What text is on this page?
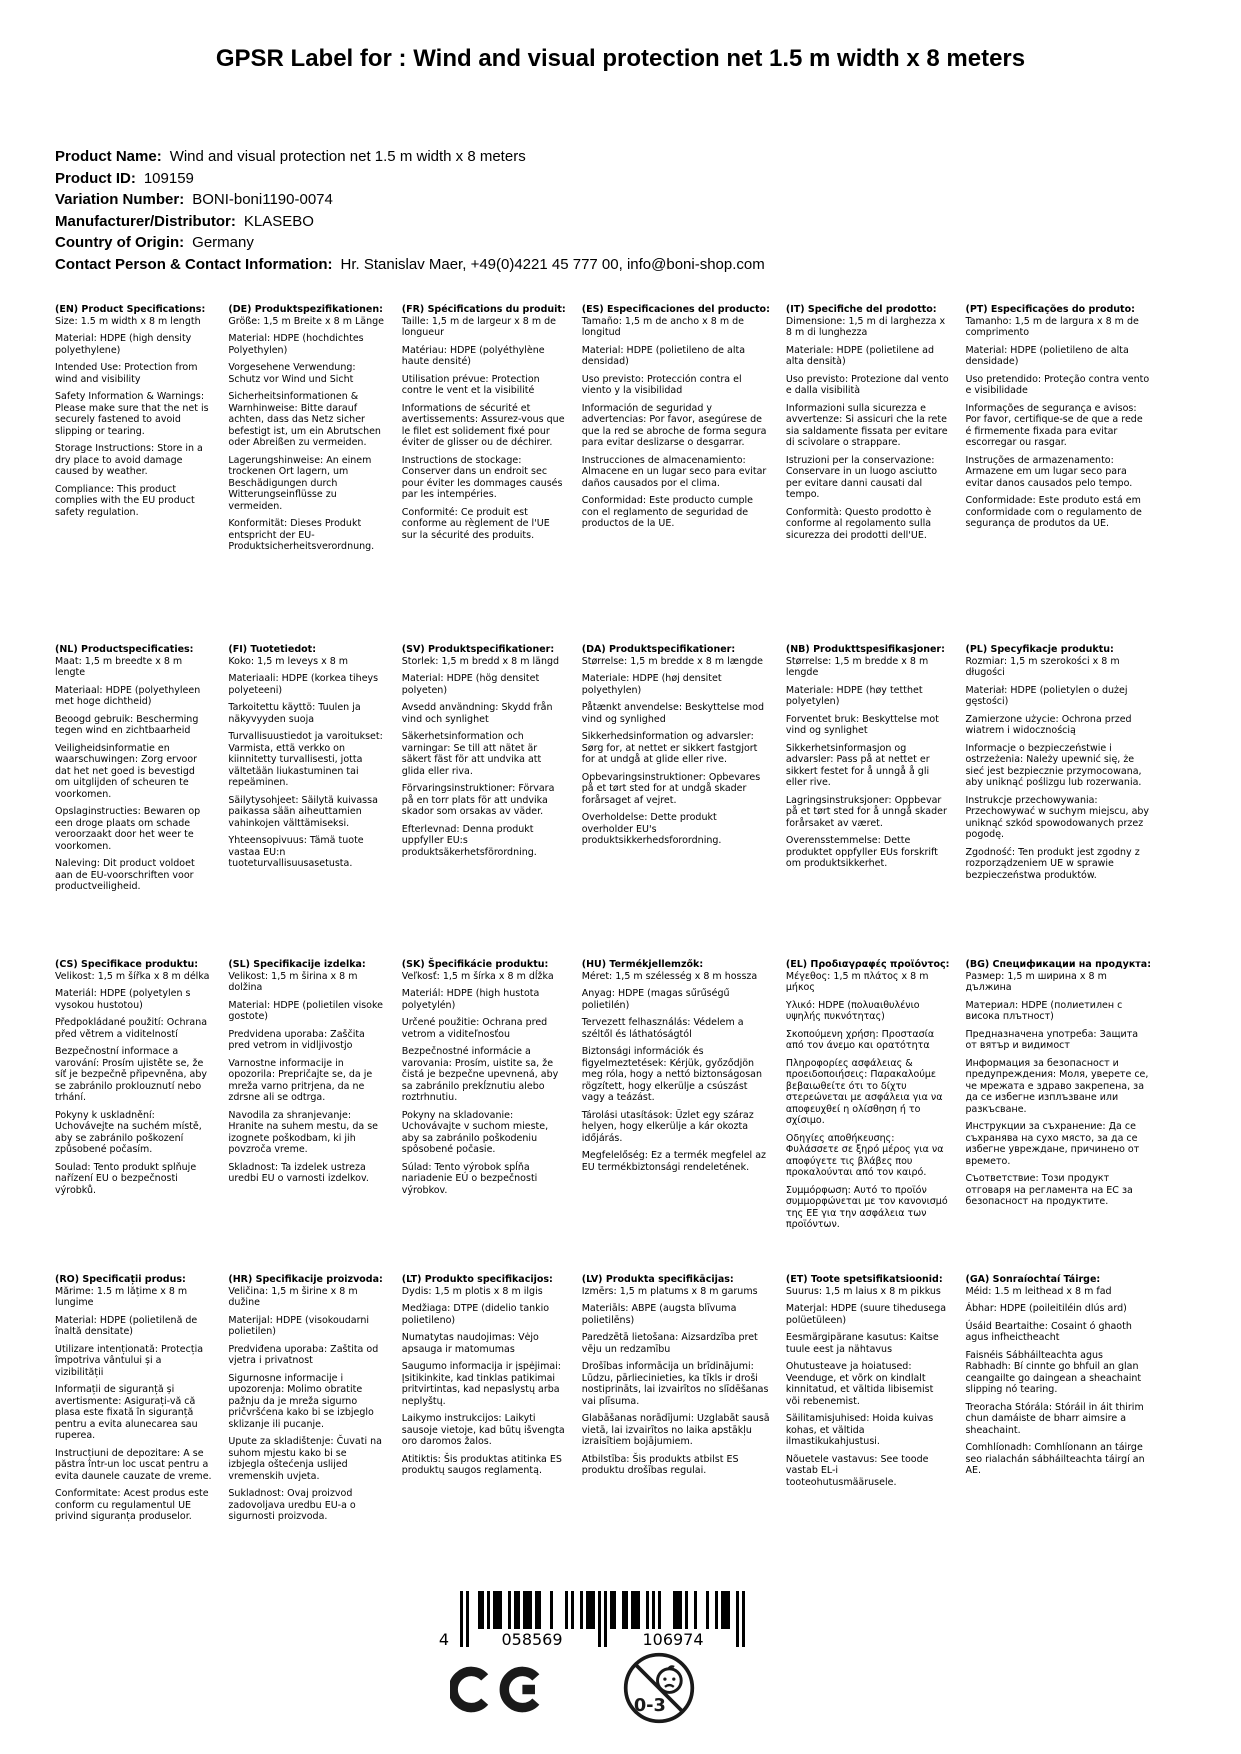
GPSR Label for : Wind and visual protection net 1.5 m width x 8 meters
Product Name: Wind and visual protection net 1.5 m width x 8 meters
Product ID: 109159
Variation Number: BONI-boni1190-0074
Manufacturer/Distributor: KLASEBO
Country of Origin: Germany
Contact Person & Contact Information: Hr. Stanislav Maer, +49(0)4221 45 777 00, info@boni-shop.com
(EN) Product Specifications:

Size: 1.5 m width x 8 m length

Material: HDPE (high density polyethylene)

Intended Use: Protection from wind and visibility

Safety Information & Warnings: Please make sure that the net is securely fastened to avoid slipping or tearing.

Storage Instructions: Store in a dry place to avoid damage caused by weather.

Compliance: This product complies with the EU product safety regulation.

(DE) Produktspezifikationen:

Größe: 1,5 m Breite x 8 m Länge

Material: HDPE (hochdichtes Polyethylen)

Vorgesehene Verwendung: Schutz vor Wind und Sicht

Sicherheitsinformationen & Warnhinweise: Bitte darauf achten, dass das Netz sicher befestigt ist, um ein Abrutschen oder Abreißen zu vermeiden.

Lagerungshinweise: An einem trockenen Ort lagern, um Beschädigungen durch Witterungseinflüsse zu vermeiden.

Konformität: Dieses Produkt entspricht der EU-Produktsicherheitsverordnung.

(FR) Spécifications du produit:

Taille: 1,5 m de largeur x 8 m de longueur

Matériau: HDPE (polyéthylène haute densité)

Utilisation prévue: Protection contre le vent et la visibilité

Informations de sécurité et avertissements: Assurez-vous que le filet est solidement fixé pour éviter de glisser ou de déchirer.

Instructions de stockage: Conserver dans un endroit sec pour éviter les dommages causés par les intempéries.

Conformité: Ce produit est conforme au règlement de l'UE sur la sécurité des produits.

(ES) Especificaciones del producto:

Tamaño: 1,5 m de ancho x 8 m de longitud

Material: HDPE (polietileno de alta densidad)

Uso previsto: Protección contra el viento y la visibilidad

Información de seguridad y advertencias: Por favor, asegúrese de que la red se abroche de forma segura para evitar deslizarse o desgarrar.

Instrucciones de almacenamiento: Almacene en un lugar seco para evitar daños causados por el clima.

Conformidad: Este producto cumple con el reglamento de seguridad de productos de la UE.

(IT) Specifiche del prodotto:

Dimensione: 1,5 m di larghezza x 8 m di lunghezza

Materiale: HDPE (polietilene ad alta densità)

Uso previsto: Protezione dal vento e dalla visibilità

Informazioni sulla sicurezza e avvertenze: Si assicuri che la rete sia saldamente fissata per evitare di scivolare o strappare.

Istruzioni per la conservazione: Conservare in un luogo asciutto per evitare danni causati dal tempo.

Conformità: Questo prodotto è conforme al regolamento sulla sicurezza dei prodotti dell'UE.

(PT) Especificações do produto:

Tamanho: 1,5 m de largura x 8 m de comprimento

Material: HDPE (polietileno de alta densidade)

Uso pretendido: Proteção contra vento e visibilidade

Informações de segurança e avisos: Por favor, certifique-se de que a rede é firmemente fixada para evitar escorregar ou rasgar.

Instruções de armazenamento: Armazene em um lugar seco para evitar danos causados pelo tempo.

Conformidade: Este produto está em conformidade com o regulamento de segurança de produtos da UE.

(NL) Productspecificaties:

Maat: 1,5 m breedte x 8 m lengte

Materiaal: HDPE (polyethyleen met hoge dichtheid)

Beoogd gebruik: Bescherming tegen wind en zichtbaarheid

Veiligheidsinformatie en waarschuwingen: Zorg ervoor dat het net goed is bevestigd om uitglijden of scheuren te voorkomen.

Opslaginstructies: Bewaren op een droge plaats om schade veroorzaakt door het weer te voorkomen.

Naleving: Dit product voldoet aan de EU-voorschriften voor productveiligheid.

(FI) Tuotetiedot:

Koko: 1,5 m leveys x 8 m

Materiaali: HDPE (korkea tiheys polyeteeni)

Tarkoitettu käyttö: Tuulen ja näkyvyyden suoja

Turvallisuustiedot ja varoitukset: Varmista, että verkko on kiinnitetty turvallisesti, jotta vältetään liukastuminen tai repeäminen.

Säilytysohjeet: Säilytä kuivassa paikassa sään aiheuttamien vahinkojen välttämiseksi.

Yhteensopivuus: Tämä tuote vastaa EU:n tuoteturvallisuusasetusta.

(SV) Produktspecifikationer:

Storlek: 1,5 m bredd x 8 m längd

Material: HDPE (hög densitet polyeten)

Avsedd användning: Skydd från vind och synlighet

Säkerhetsinformation och varningar: Se till att nätet är säkert fäst för att undvika att glida eller riva.

Förvaringsinstruktioner: Förvara på en torr plats för att undvika skador som orsakas av väder.

Efterlevnad: Denna produkt uppfyller EU:s produktsäkerhetsförordning.

(DA) Produktspecifikationer:

Størrelse: 1,5 m bredde x 8 m længde

Materiale: HDPE (høj densitet polyethylen)

Påtænkt anvendelse: Beskyttelse mod vind og synlighed

Sikkerhedsinformation og advarsler: Sørg for, at nettet er sikkert fastgjort for at undgå at glide eller rive.

Opbevaringsinstruktioner: Opbevares på et tørt sted for at undgå skader forårsaget af vejret.

Overholdelse: Dette produkt overholder EU's produktsikkerhedsforordning.

(NB) Produkttspesifikasjoner:

Størrelse: 1,5 m bredde x 8 m lengde

Materiale: HDPE (høy tetthet polyetylen)

Forventet bruk: Beskyttelse mot vind og synlighet

Sikkerhetsinformasjon og advarsler: Pass på at nettet er sikkert festet for å unngå å gli eller rive.

Lagringsinstruksjoner: Oppbevar på et tørt sted for å unngå skader forårsaket av været.

Overensstemmelse: Dette produktet oppfyller EUs forskrift om produktsikkerhet.

(PL) Specyfikacje produktu:

Rozmiar: 1,5 m szerokości x 8 m długości

Materiał: HDPE (polietylen o dużej gęstości)

Zamierzone użycie: Ochrona przed wiatrem i widocznością

Informacje o bezpieczeństwie i ostrzeżenia: Należy upewnić się, że sieć jest bezpiecznie przymocowana, aby uniknąć poślizgu lub rozerwania.

Instrukcje przechowywania: Przechowywać w suchym miejscu, aby uniknąć szkód spowodowanych przez pogodę.

Zgodność: Ten produkt jest zgodny z rozporządzeniem UE w sprawie bezpieczeństwa produktów.

(CS) Specifikace produktu:

Velikost: 1,5 m šířka x 8 m délka

Materiál: HDPE (polyetylen s vysokou hustotou)

Předpokládané použití: Ochrana před větrem a viditelností

Bezpečnostní informace a varování: Prosím ujistěte se, že síť je bezpečně připevněna, aby se zabránilo proklouznutí nebo trhání.

Pokyny k uskladnění: Uchovávejte na suchém místě, aby se zabránilo poškození způsobené počasím.

Soulad: Tento produkt splňuje nařízení EU o bezpečnosti výrobků.

(SL) Specifikacije izdelka:

Velikost: 1,5 m širina x 8 m dolžina

Material: HDPE (polietilen visoke gostote)

Predvidena uporaba: Zaščita pred vetrom in vidljivostjo

Varnostne informacije in opozorila: Prepričajte se, da je mreža varno pritrjena, da ne zdrsne ali se odtrga.

Navodila za shranjevanje: Hranite na suhem mestu, da se izognete poškodbam, ki jih povzroča vreme.

Skladnost: Ta izdelek ustreza uredbi EU o varnosti izdelkov.

(SK) Špecifikácie produktu:

Veľkosť: 1,5 m šírka x 8 m dĺžka

Materiál: HDPE (high hustota polyetylén)

Určené použitie: Ochrana pred vetrom a viditeľnosťou

Bezpečnostné informácie a varovania: Prosím, uistite sa, že čistá je bezpečne upevnená, aby sa zabránilo prekĺznutiu alebo roztrhnutiu.

Pokyny na skladovanie: Uchovávajte v suchom mieste, aby sa zabránilo poškodeniu spôsobené počasie.

Súlad: Tento výrobok spĺňa nariadenie EÚ o bezpečnosti výrobkov.

(HU) Termékjellemzők:

Méret: 1,5 m szélesség x 8 m hossza

Anyag: HDPE (magas sűrűségű polietilén)

Tervezett felhasználás: Védelem a széltől és láthatóságtól

Biztonsági információk és figyelmeztetések: Kérjük, győződjön meg róla, hogy a nettó biztonságosan rögzített, hogy elkerülje a csúszást vagy a teázást.

Tárolási utasítások: Üzlet egy száraz helyen, hogy elkerülje a kár okozta időjárás.

Megfelelőség: Ez a termék megfelel az EU termékbiztonsági rendeletének.

(EL) Προδιαγραφές προϊόντος:

Μέγεθος: 1,5 m πλάτος x 8 m μήκος

Υλικό: HDPE (πολυαιθυλένιο υψηλής πυκνότητας)

Σκοπούμενη χρήση: Προστασία από τον άνεμο και ορατότητα

Πληροφορίες ασφάλειας & προειδοποιήσεις: Παρακαλούμε βεβαιωθείτε ότι το δίχτυ στερεώνεται με ασφάλεια για να αποφευχθεί η ολίσθηση ή το σχίσιμο.

Οδηγίες αποθήκευσης: Φυλάσσετε σε ξηρό μέρος για να αποφύγετε τις βλάβες που προκαλούνται από τον καιρό.

Συμμόρφωση: Αυτό το προϊόν συμμορφώνεται με τον κανονισμό της ΕΕ για την ασφάλεια των προϊόντων.

(BG) Спецификации на продукта:

Размер: 1,5 m ширина x 8 m дължина

Материал: HDPE (полиетилен с висока плътност)

Предназначена употреба: Защита от вятър и видимост

Информация за безопасност и предупреждения: Моля, уверете се, че мрежата е здраво закрепена, за да се избегне изплъзване или разкъсване.

Инструкции за съхранение: Да се съхранява на сухо място, за да се избегне увреждане, причинено от времето.

Съответствие: Този продукт отговаря на регламента на ЕС за безопасност на продуктите.

(RO) Specificații produs:

Mărime: 1.5 m lățime x 8 m lungime

Material: HDPE (polietilenă de înaltă densitate)

Utilizare intenționată: Protecția împotriva vântului și a vizibilității

Informații de siguranță și avertismente: Asigurați-vă că plasa este fixată în siguranță pentru a evita alunecarea sau ruperea.

Instrucțiuni de depozitare: A se păstra într-un loc uscat pentru a evita daunele cauzate de vreme.

Conformitate: Acest produs este conform cu regulamentul UE privind siguranța produselor.

(HR) Specifikacije proizvoda:

Veličina: 1,5 m širine x 8 m dužine

Materijal: HDPE (visokoudarni polietilen)

Predviđena uporaba: Zaštita od vjetra i privatnost

Sigurnosne informacije i upozorenja: Molimo obratite pažnju da je mreža sigurno pričvršćena kako bi se izbjeglo sklizanje ili pucanje.

Upute za skladištenje: Čuvati na suhom mjestu kako bi se izbjegla oštećenja uslijed vremenskih uvjeta.

Sukladnost: Ovaj proizvod zadovoljava uredbu EU-a o sigurnosti proizvoda.

(LT) Produkto specifikacijos:

Dydis: 1,5 m plotis x 8 m ilgis

Medžiaga: DTPE (didelio tankio polietileno)

Numatytas naudojimas: Vėjo apsauga ir matomumas

Saugumo informacija ir įspėjimai: Įsitikinkite, kad tinklas patikimai pritvirtintas, kad nepaslystų arba neplyštų.

Laikymo instrukcijos: Laikyti sausoje vietoje, kad būtų išvengta oro daromos žalos.

Atitiktis: Šis produktas atitinka ES produktų saugos reglamentą.

(LV) Produkta specifikācijas:

Izmērs: 1,5 m platums x 8 m garums

Materiāls: ABPE (augsta blīvuma polietilēns)

Paredzētā lietošana: Aizsardzība pret vēju un redzamību

Drošības informācija un brīdinājumi: Lūdzu, pārliecinieties, ka tīkls ir droši nostiprināts, lai izvairītos no slīdēšanas vai plīsuma.

Glabāšanas norādījumi: Uzglabāt sausā vietā, lai izvairītos no laika apstākļu izraisītiem bojājumiem.

Atbilstība: Šis produkts atbilst ES produktu drošības regulai.

(ET) Toote spetsifikatsioonid:

Suurus: 1,5 m laius x 8 m pikkus

Materjal: HDPE (suure tihedusega polüetüleen)

Eesmärgipärane kasutus: Kaitse tuule eest ja nähtavus

Ohutusteave ja hoiatused: Veenduge, et võrk on kindlalt kinnitatud, et vältida libisemist või rebenemist.

Säilitamisjuhised: Hoida kuivas kohas, et vältida ilmastikukahjustusi.

Nõuetele vastavus: See toode vastab EL-i tooteohutusmäärusele.

(GA) Sonraíochtaí Táirge:

Méid: 1.5 m leithead x 8 m fad

Ábhar: HDPE (poileitiléin dlús ard)

Úsáid Beartaithe: Cosaint ó ghaoth agus infheictheacht

Faisnéis Sábháilteachta agus Rabhadh: Bí cinnte go bhfuil an glan ceangailte go daingean a sheachaint slipping nó tearing.

Treoracha Stórála: Stóráil in áit thirim chun damáiste de bharr aimsire a sheachaint.

Comhlíonadh: Comhlíonann an táirge seo rialachán sábháilteachta táirgí an AE.

4	058569	106974
0-3
